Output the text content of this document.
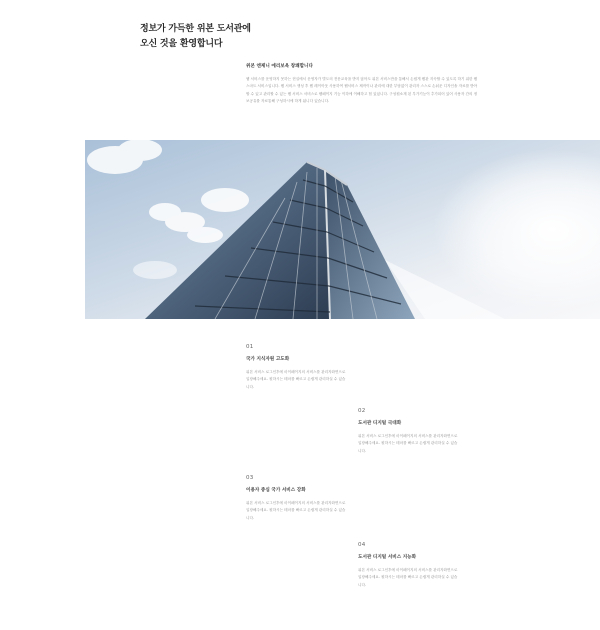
정보가 가득한 위본 도서관에
오신 것을 환영합니다

위본 엔제니 에리보옥 창쾌합니다

웹 서비스를 운영하지 못하는 현실에서 운영자가 별도의 전문교육을 받지 않아도 위본 서비스만을 통해서 손쉽게 웹관 지속할 수 있도록 하기 위한 웹 스마트 서비스입니다. 웹 서비스 생성 후 웹 레이아웃 사용하여 웹서비스 제작이나 관리에 대한 부담없이 관리자 스스로 손쉬운 디자인솔 자료를 받아할 수 있고 관리할 수 있는 웹 서비스 서비스로 웹페이지 기능 이하에 이해하고 힘 있었니다. 구성원소재 된 부가기능이 추가되어 있어 사용자 간의 정보공유를 자료통해 구성하시에 하게 됩니다 있습니다.

01

국가 지식자원 고도화

위본 서비스 로그인후에 마이페이지의 서비스를 관리자화면으로 입장해주세요. 원하시는 테마를 빠르고 손쉽게 관리하실 수 있습니다.

02

도서관 디지털 극대화

위본 서비스 로그인후에 마이페이지의 서비스를 관리자화면으로 입장해주세요. 원하시는 테마를 빠르고 손쉽게 관리하실 수 있습니다.

03

이용자 중심 국가 서비스 강화

위본 서비스 로그인후에 마이페이지의 서비스를 관리자화면으로 입장해주세요. 원하시는 테마를 빠르고 손쉽게 관리하실 수 있습니다.

04

도서관 디지털 서비스 지능화

위본 서비스 로그인후에 마이페이지의 서비스를 관리자화면으로 입장해주세요. 원하시는 테마를 빠르고 손쉽게 관리하실 수 있습니다.
